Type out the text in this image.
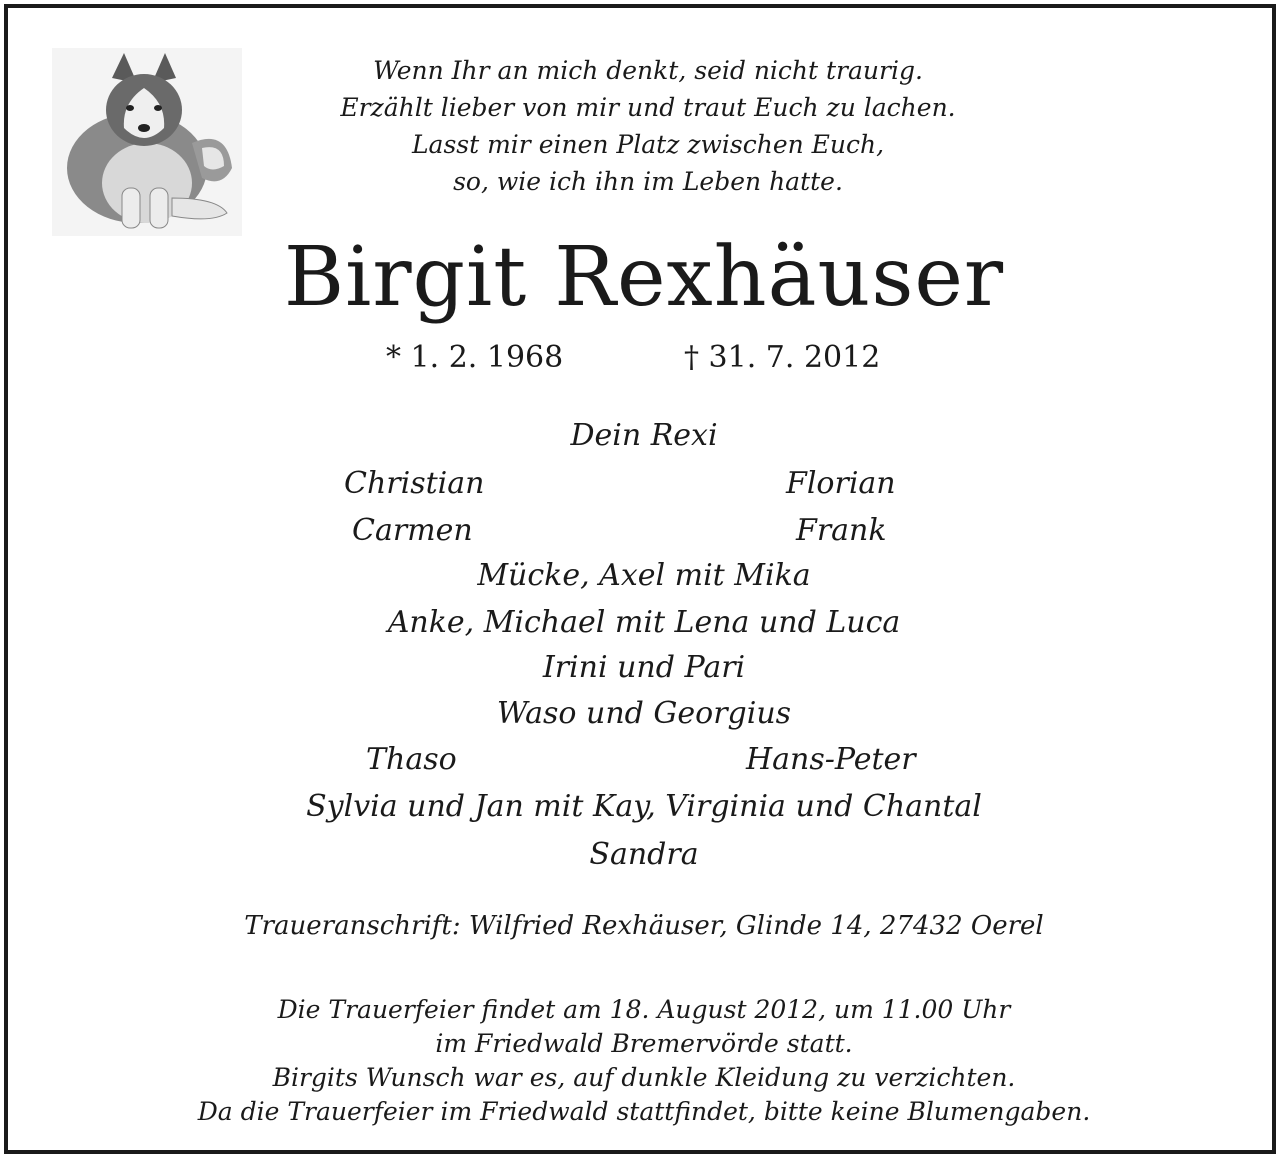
Wenn Ihr an mich denkt, seid nicht traurig.
Erzählt lieber von mir und traut Euch zu lachen.
Lasst mir einen Platz zwischen Euch,
so, wie ich ihn im Leben hatte.
Birgit Rexhäuser
* 1. 2. 1968	† 31. 7. 2012
Dein Rexi
Christian	Florian
Carmen	Frank
Mücke, Axel mit Mika
Anke, Michael mit Lena und Luca
Irini und Pari
Waso und Georgius
Thaso	Hans-Peter
Sylvia und Jan mit Kay, Virginia und Chantal
Sandra
Traueranschrift: Wilfried Rexhäuser, Glinde 14, 27432 Oerel
Die Trauerfeier findet am 18. August 2012, um 11.00 Uhr
im Friedwald Bremervörde statt.
Birgits Wunsch war es, auf dunkle Kleidung zu verzichten.
Da die Trauerfeier im Friedwald stattfindet, bitte keine Blumengaben.
